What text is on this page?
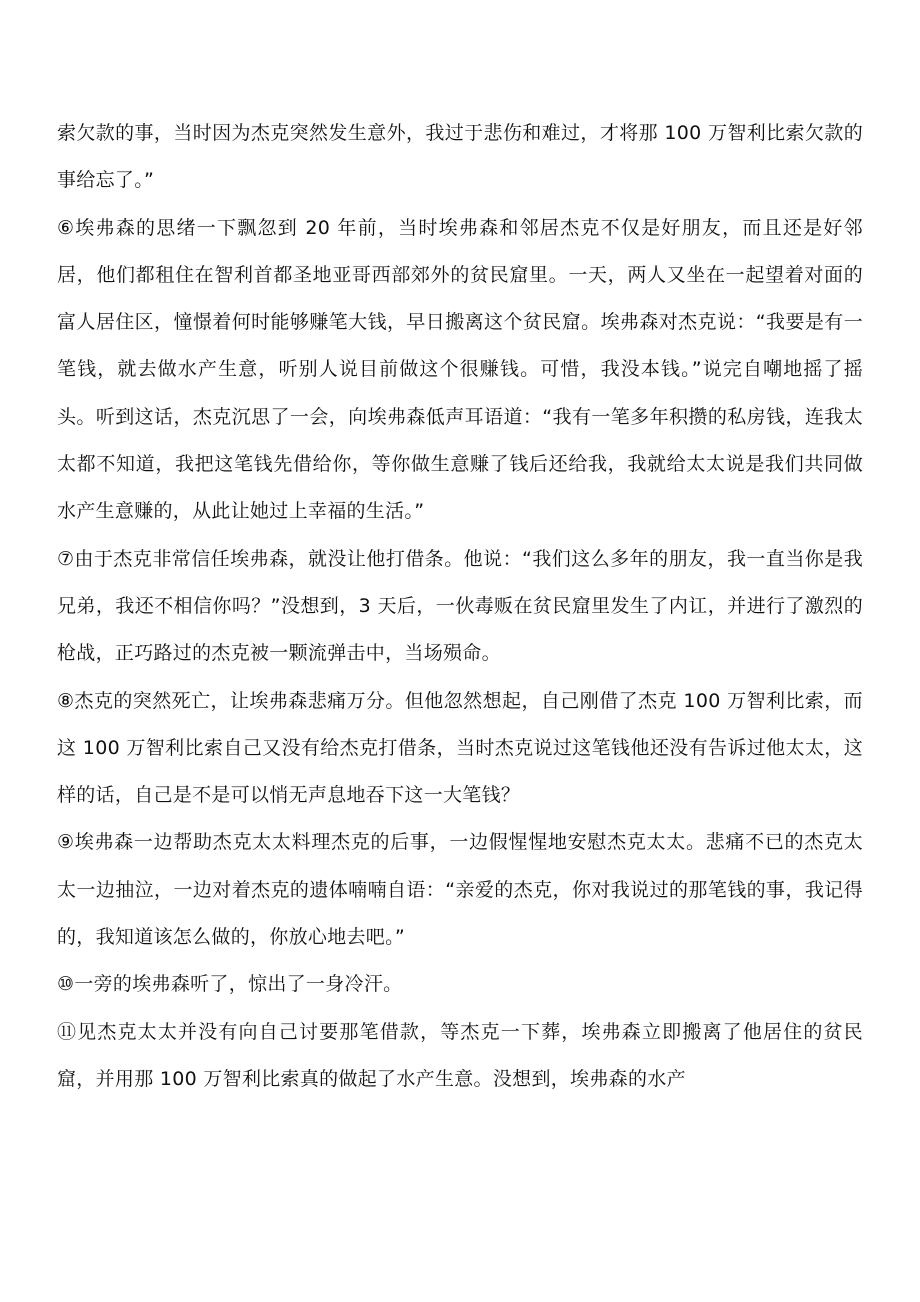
索欠款的事，当时因为杰克突然发生意外，我过于悲伤和难过，才将那 100 万智利比索欠款的事给忘了。”

⑥埃弗森的思绪一下飘忽到 20 年前，当时埃弗森和邻居杰克不仅是好朋友，而且还是好邻居，他们都租住在智利首都圣地亚哥西部郊外的贫民窟里。一天，两人又坐在一起望着对面的富人居住区，憧憬着何时能够赚笔大钱，早日搬离这个贫民窟。埃弗森对杰克说：“我要是有一笔钱，就去做水产生意，听别人说目前做这个很赚钱。可惜，我没本钱。”说完自嘲地摇了摇头。听到这话，杰克沉思了一会，向埃弗森低声耳语道：“我有一笔多年积攒的私房钱，连我太太都不知道，我把这笔钱先借给你，等你做生意赚了钱后还给我，我就给太太说是我们共同做水产生意赚的，从此让她过上幸福的生活。”

⑦由于杰克非常信任埃弗森，就没让他打借条。他说：“我们这么多年的朋友，我一直当你是我兄弟，我还不相信你吗？”没想到，3 天后，一伙毒贩在贫民窟里发生了内讧，并进行了激烈的枪战，正巧路过的杰克被一颗流弹击中，当场殒命。

⑧杰克的突然死亡，让埃弗森悲痛万分。但他忽然想起，自己刚借了杰克 100 万智利比索，而这 100 万智利比索自己又没有给杰克打借条，当时杰克说过这笔钱他还没有告诉过他太太，这样的话，自己是不是可以悄无声息地吞下这一大笔钱？

⑨埃弗森一边帮助杰克太太料理杰克的后事，一边假惺惺地安慰杰克太太。悲痛不已的杰克太太一边抽泣，一边对着杰克的遗体喃喃自语：“亲爱的杰克，你对我说过的那笔钱的事，我记得的，我知道该怎么做的，你放心地去吧。”

⑩一旁的埃弗森听了，惊出了一身冷汗。

⑪见杰克太太并没有向自己讨要那笔借款，等杰克一下葬，埃弗森立即搬离了他居住的贫民窟，并用那 100 万智利比索真的做起了水产生意。没想到，埃弗森的水产
